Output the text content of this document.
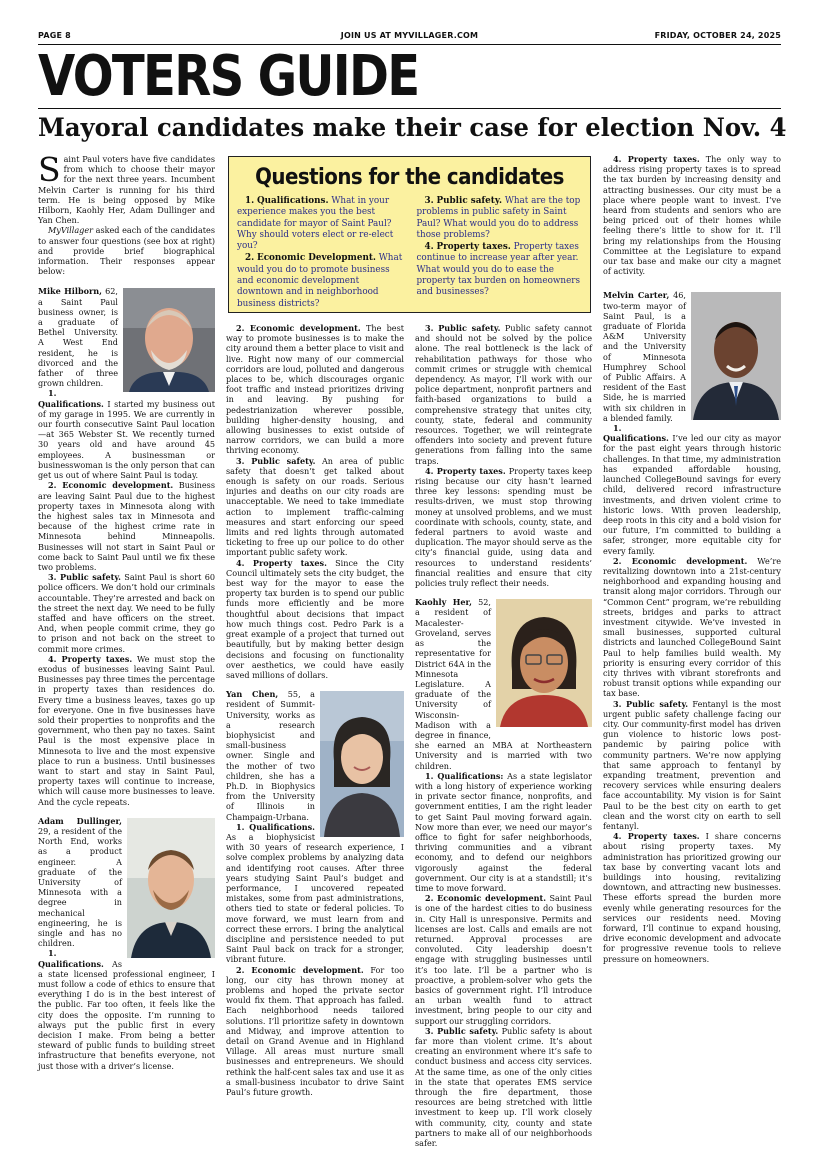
PAGE 8	JOIN US AT MYVILLAGER.COM	FRIDAY, OCTOBER 24, 2025
VOTERS GUIDE
Mayoral candidates make their case for election Nov. 4
Questions for the candidates

1. Qualifications. What in your experience makes you the best candidate for mayor of Saint Paul? Why should voters elect or re-elect you?

2. Economic Development. What would you do to promote business and economic development downtown and in neighborhood business districts?

3. Public safety. What are the top problems in public safety in Saint Paul? What would you do to address those problems?

4. Property taxes. Property taxes continue to increase year after year. What would you do to ease the property tax burden on homeowners and businesses?

Saint Paul voters have five candidates from which to choose their mayor for the next three years. Incumbent Melvin Carter is running for his third term. He is being opposed by Mike Hilborn, Kaohly Her, Adam Dullinger and Yan Chen.

MyVillager asked each of the candidates to answer four questions (see box at right) and provide brief biographical information. Their responses appear below:

Mike Hilborn, 62, a Saint Paul business owner, is a graduate of Bethel University. A West End resident, he is divorced and the father of three grown children.

1. Qualifications. I started my business out of my garage in 1995. We are currently in our fourth consecutive Saint Paul location—at 365 Webster St. We recently turned 30 years old and have around 45 employees. A businessman or businesswoman is the only person that can get us out of where Saint Paul is today.

2. Economic development. Business are leaving Saint Paul due to the highest property taxes in Minnesota along with the highest sales tax in Minnesota and because of the highest crime rate in Minnesota behind Minneapolis. Businesses will not start in Saint Paul or come back to Saint Paul until we fix these two problems.

3. Public safety. Saint Paul is short 60 police officers. We don’t hold our criminals accountable. They’re arrested and back on the street the next day. We need to be fully staffed and have officers on the street. And, when people commit crime, they go to prison and not back on the street to commit more crimes.

4. Property taxes. We must stop the exodus of businesses leaving Saint Paul. Businesses pay three times the percentage in property taxes than residences do. Every time a business leaves, taxes go up for everyone. One in five businesses have sold their properties to nonprofits and the government, who then pay no taxes. Saint Paul is the most expensive place in Minnesota to live and the most expensive place to run a business. Until businesses want to start and stay in Saint Paul, property taxes will continue to increase, which will cause more businesses to leave. And the cycle repeats.

Adam Dullinger, 29, a resident of the North End, works as a product engineer. A graduate of the University of Minnesota with a degree in mechanical engineering, he is single and has no children.

1. Qualifications. As a state licensed professional engineer, I must follow a code of ethics to ensure that everything I do is in the best interest of the public. Far too often, it feels like the city does the opposite. I’m running to always put the public first in every decision I make. From being a better steward of public funds to building street infrastructure that benefits everyone, not just those with a driver’s license.

2. Economic development. The best way to promote businesses is to make the city around them a better place to visit and live. Right now many of our commercial corridors are loud, polluted and dangerous places to be, which discourages organic foot traffic and instead prioritizes driving in and leaving. By pushing for pedestrianization wherever possible, building higher-density housing, and allowing businesses to exist outside of narrow corridors, we can build a more thriving economy.

3. Public safety. An area of public safety that doesn’t get talked about enough is safety on our roads. Serious injuries and deaths on our city roads are unacceptable. We need to take immediate action to implement traffic-calming measures and start enforcing our speed limits and red lights through automated ticketing to free up our police to do other important public safety work.

4. Property taxes. Since the City Council ultimately sets the city budget, the best way for the mayor to ease the property tax burden is to spend our public funds more efficiently and be more thoughtful about decisions that impact how much things cost. Pedro Park is a great example of a project that turned out beautifully, but by making better design decisions and focusing on functionality over aesthetics, we could have easily saved millions of dollars.

Yan Chen, 55, a resident of Summit-University, works as a research biophysicist and small-business owner. Single and the mother of two children, she has a Ph.D. in Biophysics from the University of Illinois in Champaign-Urbana.

1. Qualifications. As a biophysicist with 30 years of research experience, I solve complex problems by analyzing data and identifying root causes. After three years studying Saint Paul’s budget and performance, I uncovered repeated mistakes, some from past administrations, others tied to state or federal policies. To move forward, we must learn from and correct these errors. I bring the analytical discipline and persistence needed to put Saint Paul back on track for a stronger, vibrant future.

2. Economic development. For too long, our city has thrown money at problems and hoped the private sector would fix them. That approach has failed. Each neighborhood needs tailored solutions. I’ll prioritize safety in downtown and Midway, and improve attention to detail on Grand Avenue and in Highland Village. All areas must nurture small businesses and entrepreneurs. We should rethink the half-cent sales tax and use it as a small-business incubator to drive Saint Paul’s future growth.

3. Public safety. Public safety cannot and should not be solved by the police alone. The real bottleneck is the lack of rehabilitation pathways for those who commit crimes or struggle with chemical dependency. As mayor, I’ll work with our police department, nonprofit partners and faith-based organizations to build a comprehensive strategy that unites city, county, state, federal and community resources. Together, we will reintegrate offenders into society and prevent future generations from falling into the same traps.

4. Property taxes. Property taxes keep rising because our city hasn’t learned three key lessons: spending must be results-driven, we must stop throwing money at unsolved problems, and we must coordinate with schools, county, state, and federal partners to avoid waste and duplication. The mayor should serve as the city’s financial guide, using data and resources to understand residents’ financial realities and ensure that city policies truly reflect their needs.

Kaohly Her, 52, a resident of Macalester-Groveland, serves as the representative for District 64A in the Minnesota Legislature. A graduate of the University of Wisconsin-Madison with a degree in finance, she earned an MBA at Northeastern University and is married with two children.

1. Qualifications: As a state legislator with a long history of experience working in private sector finance, nonprofits, and government entities, I am the right leader to get Saint Paul moving forward again. Now more than ever, we need our mayor’s office to fight for safer neighborhoods, thriving communities and a vibrant economy, and to defend our neighbors vigorously against the federal government. Our city is at a standstill; it’s time to move forward.

2. Economic development. Saint Paul is one of the hardest cities to do business in. City Hall is unresponsive. Permits and licenses are lost. Calls and emails are not returned. Approval processes are convoluted. City leadership doesn’t engage with struggling businesses until it’s too late. I’ll be a partner who is proactive, a problem-solver who gets the basics of government right. I’ll introduce an urban wealth fund to attract investment, bring people to our city and support our struggling corridors.

3. Public safety. Public safety is about far more than violent crime. It’s about creating an environment where it’s safe to conduct business and access city services. At the same time, as one of the only cities in the state that operates EMS service through the fire department, those resources are being stretched with little investment to keep up. I’ll work closely with community, city, county and state partners to make all of our neighborhoods safer.

4. Property taxes. The only way to address rising property taxes is to spread the tax burden by increasing density and attracting businesses. Our city must be a place where people want to invest. I’ve heard from students and seniors who are being priced out of their homes while feeling there’s little to show for it. I’ll bring my relationships from the Housing Committee at the Legislature to expand our tax base and make our city a magnet of activity.

Melvin Carter, 46, two-term mayor of Saint Paul, is a graduate of Florida A&M University and the University of Minnesota Humphrey School of Public Affairs. A resident of the East Side, he is married with six children in a blended family.

1. Qualifications. I’ve led our city as mayor for the past eight years through historic challenges. In that time, my administration has expanded affordable housing, launched CollegeBound savings for every child, delivered record infrastructure investments, and driven violent crime to historic lows. With proven leadership, deep roots in this city and a bold vision for our future, I’m committed to building a safer, stronger, more equitable city for every family.

2. Economic development. We’re revitalizing downtown into a 21st-century neighborhood and expanding housing and transit along major corridors. Through our “Common Cent” program, we’re rebuilding streets, bridges and parks to attract investment citywide. We’ve invested in small businesses, supported cultural districts and launched CollegeBound Saint Paul to help families build wealth. My priority is ensuring every corridor of this city thrives with vibrant storefronts and robust transit options while expanding our tax base.

3. Public safety. Fentanyl is the most urgent public safety challenge facing our city. Our community-first model has driven gun violence to historic lows post-pandemic by pairing police with community partners. We’re now applying that same approach to fentanyl by expanding treatment, prevention and recovery services while ensuring dealers face accountability. My vision is for Saint Paul to be the best city on earth to get clean and the worst city on earth to sell fentanyl.

4. Property taxes. I share concerns about rising property taxes. My administration has prioritized growing our tax base by converting vacant lots and buildings into housing, revitalizing downtown, and attracting new businesses. These efforts spread the burden more evenly while generating resources for the services our residents need. Moving forward, I’ll continue to expand housing, drive economic development and advocate for progressive revenue tools to relieve pressure on homeowners.
